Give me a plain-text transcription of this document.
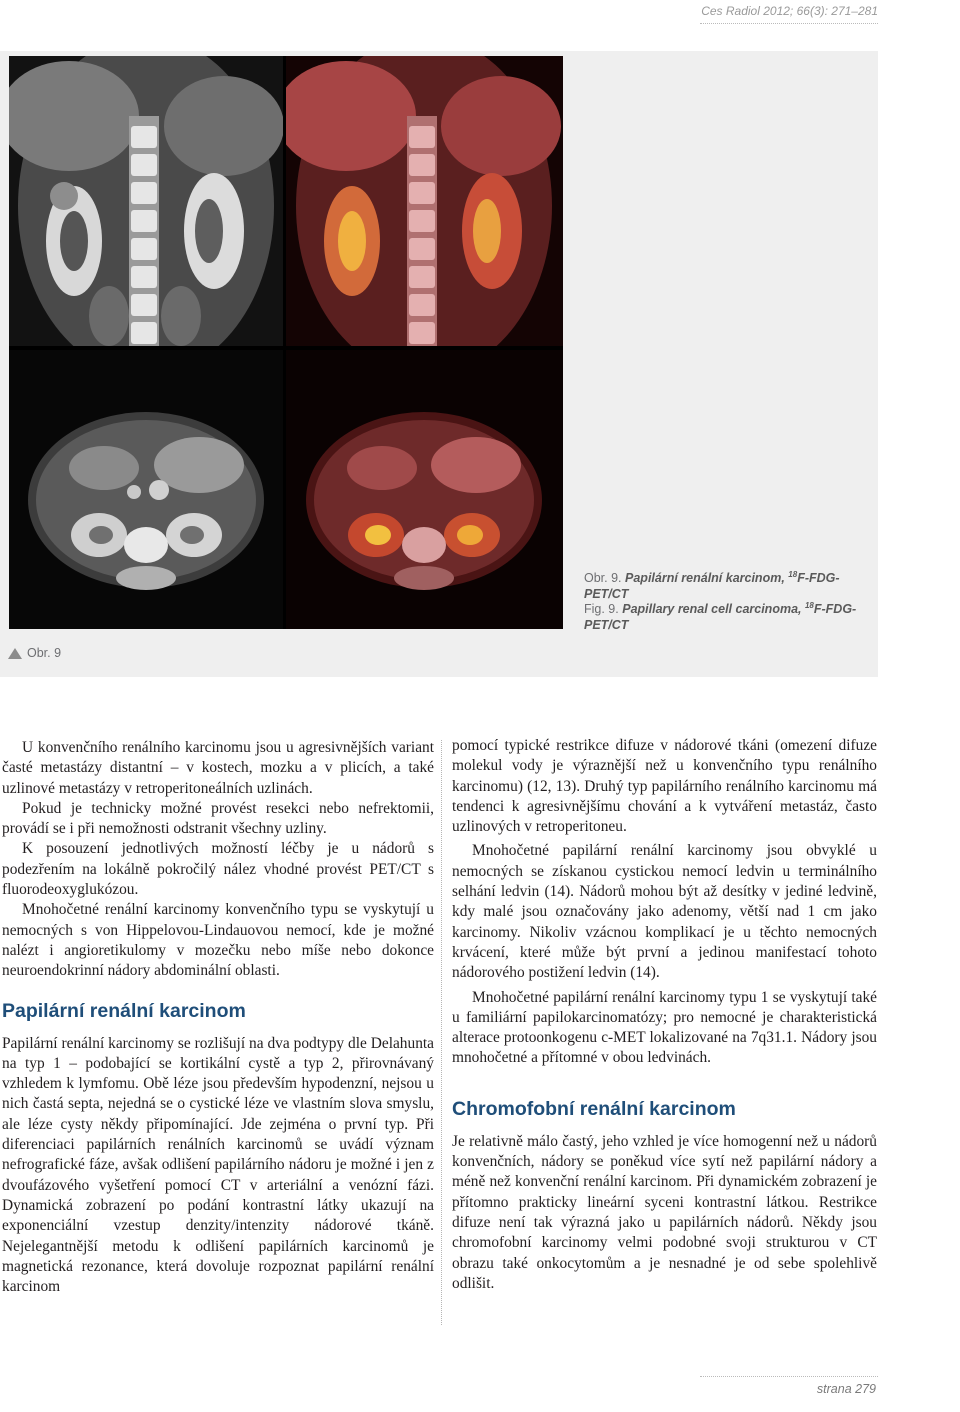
Ces Radiol 2012; 66(3): 271–281
Obr. 9

Obr. 9. Papilární renální karcinom, $^{18}$F-FDG-PET/CT

Fig. 9. Papillary renal cell carcinoma, $^{18}$F-FDG-PET/CT

U konvenčního renálního karcinomu jsou u agresivnějších variant časté metastázy distantní – v kostech, mozku a v plicích, a také uzlinové metastázy v retroperitoneálních uzlinách.

Pokud je technicky možné provést resekci nebo nefrektomii, provádí se i při nemožnosti odstranit všechny uzliny.

K posouzení jednotlivých možností léčby je u nádorů s podezřením na lokálně pokročilý nález vhodné provést PET/CT s fluorodeoxyglukózou.

Mnohočetné renální karcinomy konvenčního typu se vyskytují u nemocných s von Hippelovou-Lindauovou nemocí, kde je možné nalézt i angioretikulomy v mozečku nebo míše nebo dokonce neuroendokrinní nádory abdominální oblasti.

Papilární renální karcinom

Papilární renální karcinomy se rozlišují na dva podtypy dle Delahunta na typ 1 – podobající se kortikální cystě a typ 2, přirovnávaný vzhledem k lymfomu. Obě léze jsou především hypodenzní, nejsou u nich častá septa, nejedná se o cystické léze ve vlastním slova smyslu, ale léze cysty někdy připomínající. Jde zejména o první typ. Při diferenciaci papilárních renálních karcinomů se uvádí význam nefrografické fáze, avšak odlišení papilárního nádoru je možné i jen z dvoufázového vyšetření pomocí CT v arteriální a venózní fázi. Dynamická zobrazení po podání kontrastní látky ukazují na exponenciální vzestup denzity/intenzity nádorové tkáně. Nejelegantnější metodu k odlišení papilárních karcinomů je magnetická rezonance, která dovoluje rozpoznat papilární renální karcinom

pomocí typické restrikce difuze v nádorové tkáni (omezení difuze molekul vody je výraznější než u konvenčního typu renálního karcinomu) (12, 13). Druhý typ papilárního renálního karcinomu má tendenci k agresivnějšímu chování a k vytváření metastáz, často uzlinových v retroperitoneu.

Mnohočetné papilární renální karcinomy jsou obvyklé u nemocných se získanou cystickou nemocí ledvin u terminálního selhání ledvin (14). Nádorů mohou být až desítky v jediné ledvině, kdy malé jsou označovány jako adenomy, větší nad 1 cm jako karcinomy. Nikoliv vzácnou komplikací je u těchto nemocných krvácení, které může být první a jedinou manifestací tohoto nádorového postižení ledvin (14).

Mnohočetné papilární renální karcinomy typu 1 se vyskytují také u familiární papilokarcinomatózy; pro nemocné je charakteristická alterace protoonkogenu c-MET lokalizované na 7q31.1. Nádory jsou mnohočetné a přítomné v obou ledvinách.

Chromofobní renální karcinom

Je relativně málo častý, jeho vzhled je více homogenní než u nádorů konvenčních, nádory se poněkud více sytí než papilární nádory a méně než konvenční renální karcinom. Při dynamickém zobrazení je přítomno prakticky lineární syceni kontrastní látkou. Restrikce difuze není tak výrazná jako u papilárních nádorů. Někdy jsou chromofobní karcinomy velmi podobné svoji strukturou v CT obrazu také onkocytomům a je nesnadné je od sebe spolehlivě odlišit.

strana 279
